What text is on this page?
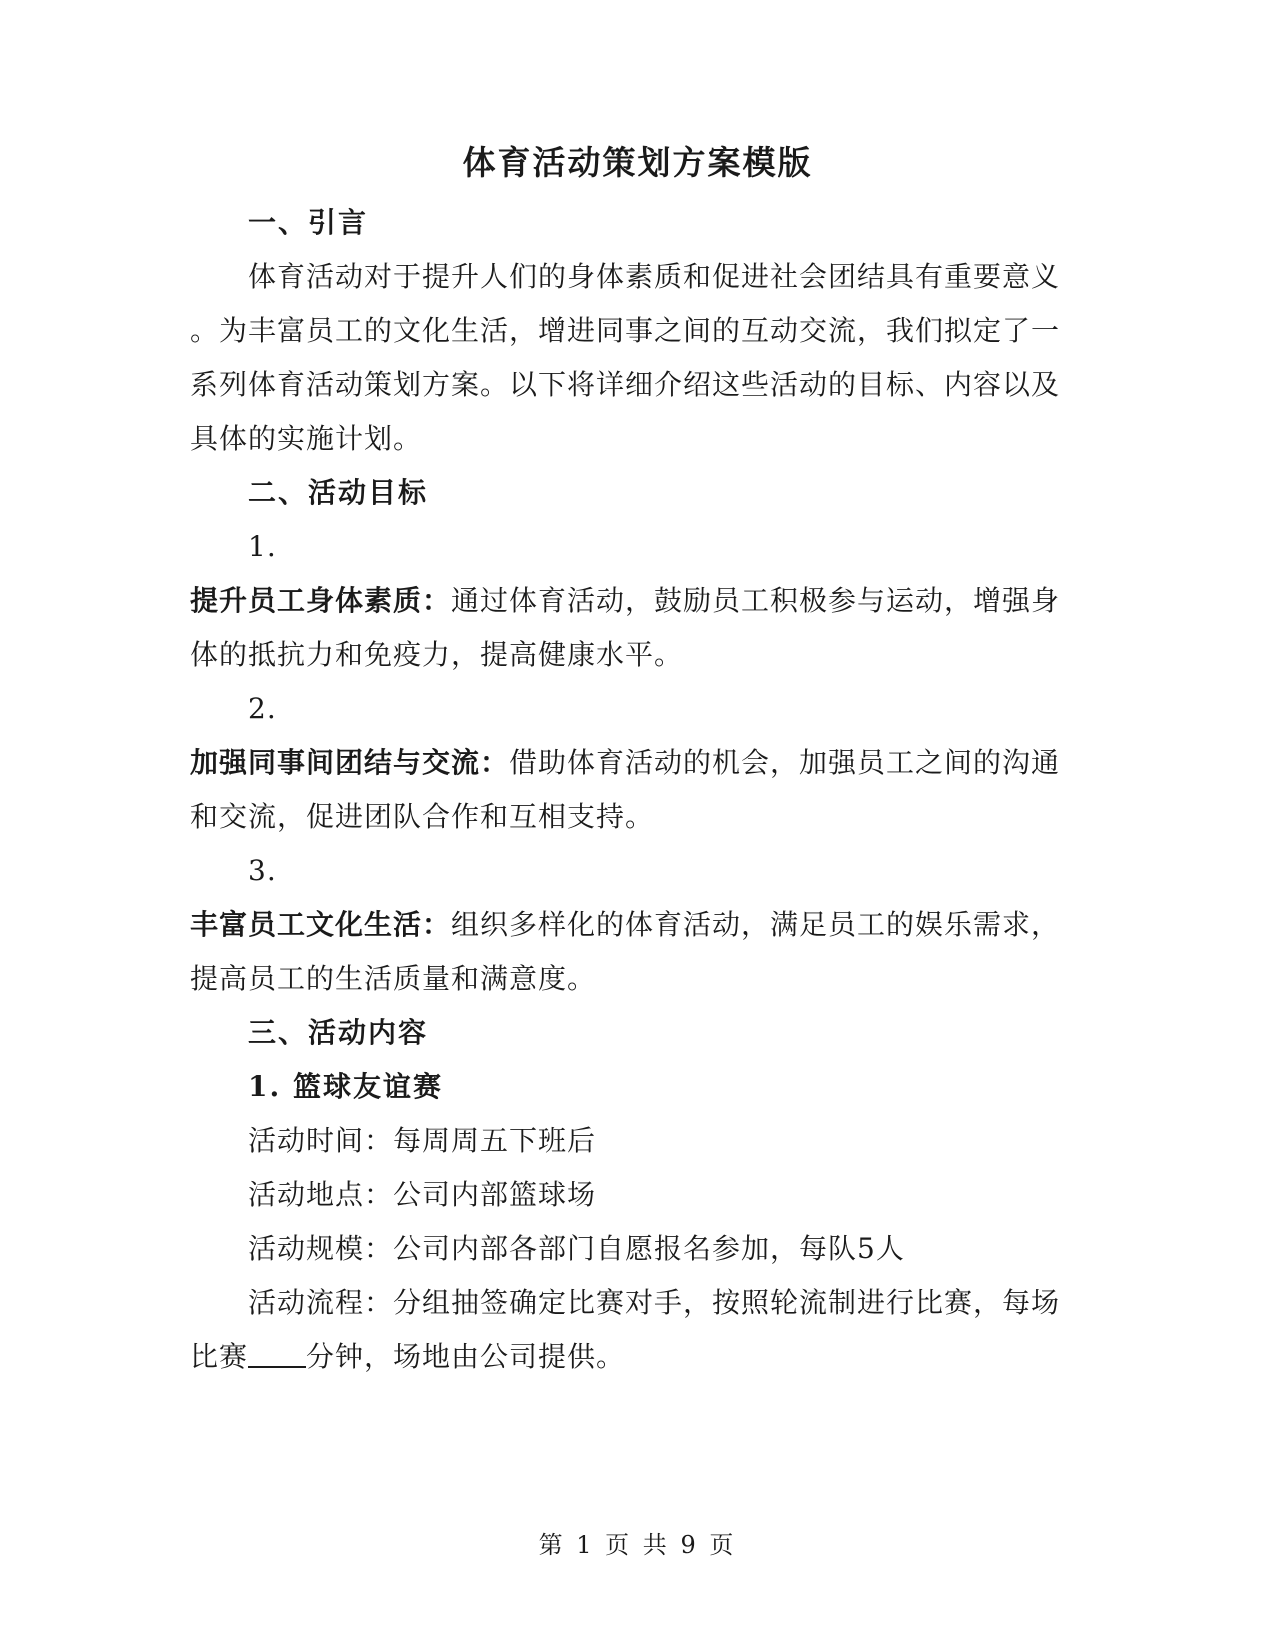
体育活动策划方案模版
一、引言
体育活动对于提升人们的身体素质和促进社会团结具有重要意义
。为丰富员工的文化生活，增进同事之间的互动交流，我们拟定了一
系列体育活动策划方案。以下将详细介绍这些活动的目标、内容以及
具体的实施计划。
二、活动目标
1.
提升员工身体素质：通过体育活动，鼓励员工积极参与运动，增强身
体的抵抗力和免疫力，提高健康水平。
2.
加强同事间团结与交流：借助体育活动的机会，加强员工之间的沟通
和交流，促进团队合作和互相支持。
3.
丰富员工文化生活：组织多样化的体育活动，满足员工的娱乐需求，
提高员工的生活质量和满意度。
三、活动内容
1. 篮球友谊赛
活动时间：每周周五下班后
活动地点：公司内部篮球场
活动规模：公司内部各部门自愿报名参加，每队5人
活动流程：分组抽签确定比赛对手，按照轮流制进行比赛，每场
比赛 分钟，场地由公司提供。
第 1 页 共 9 页
